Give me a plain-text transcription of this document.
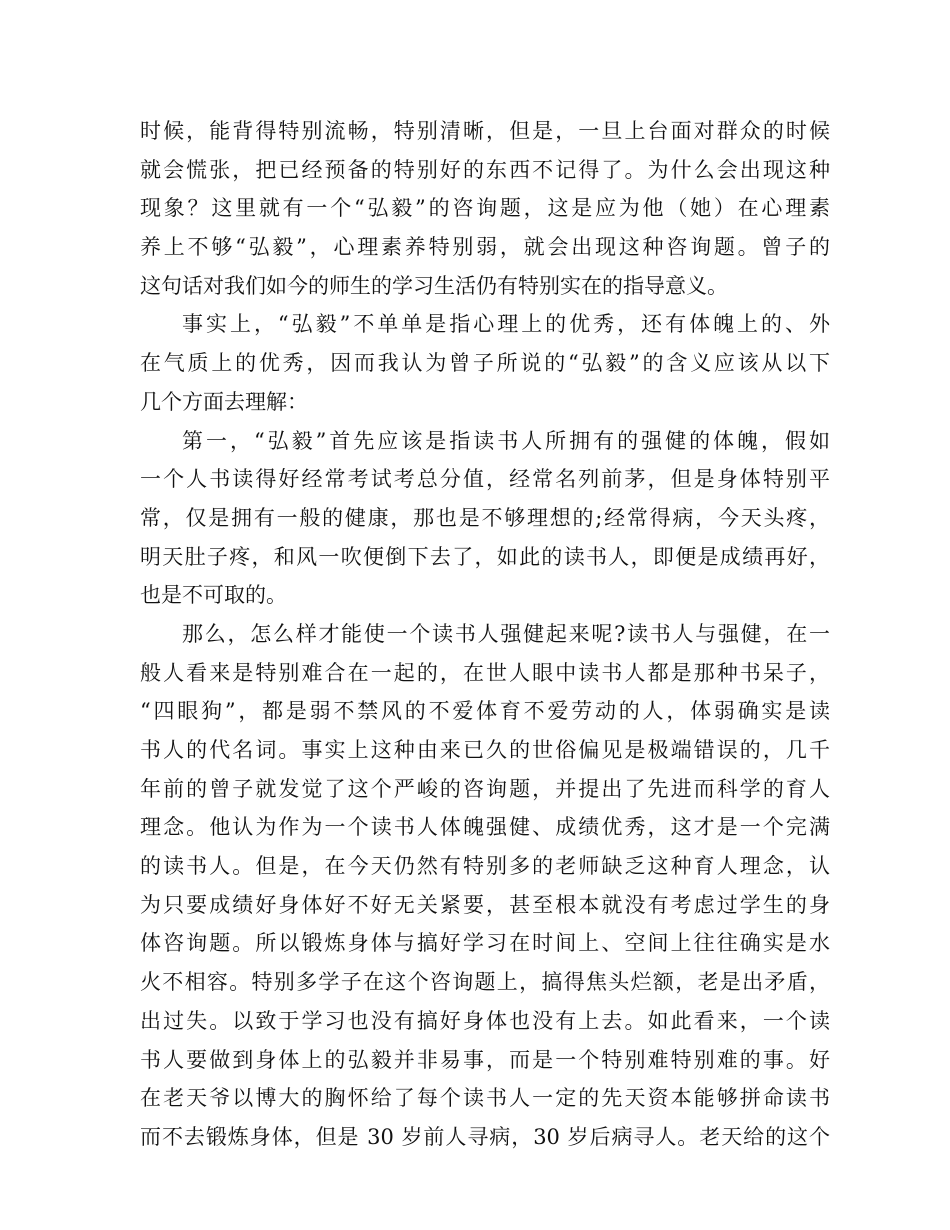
时候，能背得特别流畅，特别清晰，但是，一旦上台面对群众的时候
就会慌张，把已经预备的特别好的东西不记得了。为什么会出现这种
现象？这里就有一个“弘毅”的咨询题，这是应为他（她）在心理素
养上不够“弘毅”，心理素养特别弱，就会出现这种咨询题。曾子的
这句话对我们如今的师生的学习生活仍有特别实在的指导意义。
事实上，“弘毅”不单单是指心理上的优秀，还有体魄上的、外
在气质上的优秀，因而我认为曾子所说的“弘毅”的含义应该从以下
几个方面去理解：
第一，“弘毅”首先应该是指读书人所拥有的强健的体魄，假如
一个人书读得好经常考试考总分值，经常名列前茅，但是身体特别平
常，仅是拥有一般的健康，那也是不够理想的;经常得病，今天头疼，
明天肚子疼，和风一吹便倒下去了，如此的读书人，即便是成绩再好，
也是不可取的。
那么，怎么样才能使一个读书人强健起来呢?读书人与强健，在一
般人看来是特别难合在一起的，在世人眼中读书人都是那种书呆子，
“四眼狗”，都是弱不禁风的不爱体育不爱劳动的人，体弱确实是读
书人的代名词。事实上这种由来已久的世俗偏见是极端错误的，几千
年前的曾子就发觉了这个严峻的咨询题，并提出了先进而科学的育人
理念。他认为作为一个读书人体魄强健、成绩优秀，这才是一个完满
的读书人。但是，在今天仍然有特别多的老师缺乏这种育人理念，认
为只要成绩好身体好不好无关紧要，甚至根本就没有考虑过学生的身
体咨询题。所以锻炼身体与搞好学习在时间上、空间上往往确实是水
火不相容。特别多学子在这个咨询题上，搞得焦头烂额，老是出矛盾，
出过失。以致于学习也没有搞好身体也没有上去。如此看来，一个读
书人要做到身体上的弘毅并非易事，而是一个特别难特别难的事。好
在老天爷以博大的胸怀给了每个读书人一定的先天资本能够拼命读书
而不去锻炼身体，但是 30 岁前人寻病，30 岁后病寻人。老天给的这个
